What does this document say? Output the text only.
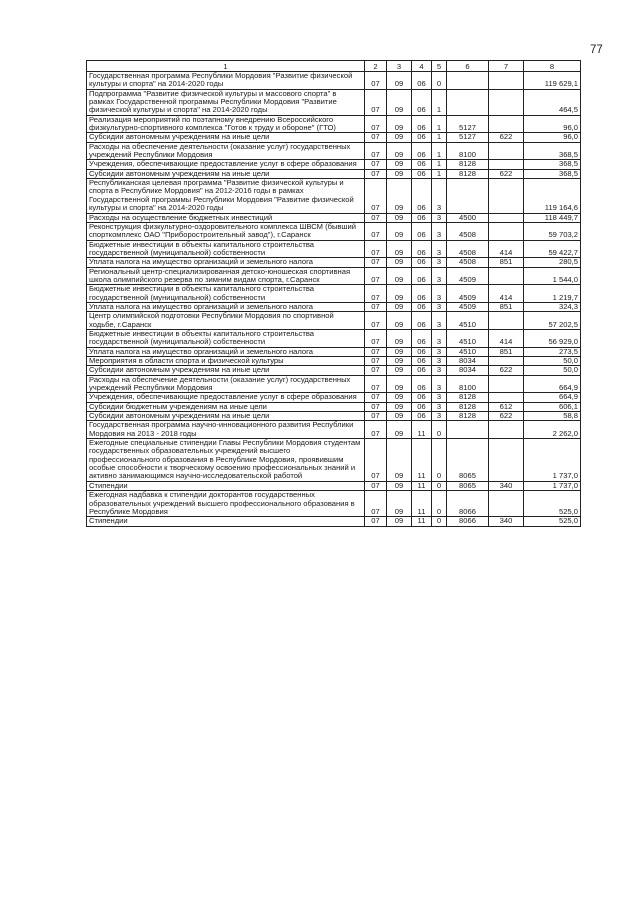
77
1	2	3	4	5	6	7	8
Государственная программа Республики Мордовия "Развитие физической культуры и спорта" на 2014-2020 годы	07	09	06	0			119 629,1
Подпрограмма "Развитие физической культуры и массового спорта" в рамках Государственной программы Республики Мордовия "Развитие физической культуры и спорта" на 2014-2020 годы	07	09	06	1			464,5
Реализация мероприятий по поэтапному внедрению Всероссийского физкультурно-спортивного комплекса "Готов к труду и обороне" (ГТО)	07	09	06	1	5127		96,0
Субсидии автономным учреждениям на иные цели	07	09	06	1	5127	622	96,0
Расходы на обеспечение деятельности (оказание услуг) государственных учреждений Республики Мордовия	07	09	06	1	8100		368,5
Учреждения, обеспечивающие предоставление услуг в сфере образования	07	09	06	1	8128		368,5
Субсидии автономным учреждениям на иные цели	07	09	06	1	8128	622	368,5
Республиканская целевая программа "Развитие физической культуры и спорта в Республике Мордовия" на 2012-2016 годы в рамках Государственной программы Республики Мордовия "Развитие физической культуры и спорта" на 2014-2020 годы	07	09	06	3			119 164,6
Расходы на осуществление бюджетных инвестиций	07	09	06	3	4500		118 449,7
Реконструкция физкультурно-оздоровительного комплекса ШВСМ (бывший спорткомплекс ОАО "Приборостроительный завод"), г.Саранск	07	09	06	3	4508		59 703,2
Бюджетные инвестиции в объекты капитального строительства государственной (муниципальной) собственности	07	09	06	3	4508	414	59 422,7
Уплата налога на имущество организаций и земельного налога	07	09	06	3	4508	851	280,5
Региональный центр-специализированная детско-юношеская спортивная школа олимпийского резерва по зимним видам спорта, г.Саранск	07	09	06	3	4509		1 544,0
Бюджетные инвестиции в объекты капитального строительства государственной (муниципальной) собственности	07	09	06	3	4509	414	1 219,7
Уплата налога на имущество организаций и земельного налога	07	09	06	3	4509	851	324,3
Центр олимпийской подготовки Республики Мордовия по спортивной ходьбе, г.Саранск	07	09	06	3	4510		57 202,5
Бюджетные инвестиции в объекты капитального строительства государственной (муниципальной) собственности	07	09	06	3	4510	414	56 929,0
Уплата налога на имущество организаций и земельного налога	07	09	06	3	4510	851	273,5
Мероприятия в области спорта и физической культуры	07	09	06	3	8034		50,0
Субсидии автономным учреждениям на иные цели	07	09	06	3	8034	622	50,0
Расходы на обеспечение деятельности (оказание услуг) государственных учреждений Республики Мордовия	07	09	06	3	8100		664,9
Учреждения, обеспечивающие предоставление услуг в сфере образования	07	09	06	3	8128		664,9
Субсидии бюджетным учреждениям на иные цели	07	09	06	3	8128	612	606,1
Субсидии автономным учреждениям на иные цели	07	09	06	3	8128	622	58,8
Государственная программа научно-инновационного развития Республики Мордовия на 2013 - 2018 годы	07	09	11	0			2 262,0
Ежегодные специальные стипендии Главы Республики Мордовия студентам государственных образовательных учреждений высшего профессионального образования в Республике Мордовия, проявившим особые способности к творческому освоению профессиональных знаний и активно занимающимся научно-исследовательской работой	07	09	11	0	8065		1 737,0
Стипендии	07	09	11	0	8065	340	1 737,0
Ежегодная надбавка к стипендии докторантов государственных образовательных учреждений высшего профессионального образования в Республике Мордовия	07	09	11	0	8066		525,0
Стипендии	07	09	11	0	8066	340	525,0
